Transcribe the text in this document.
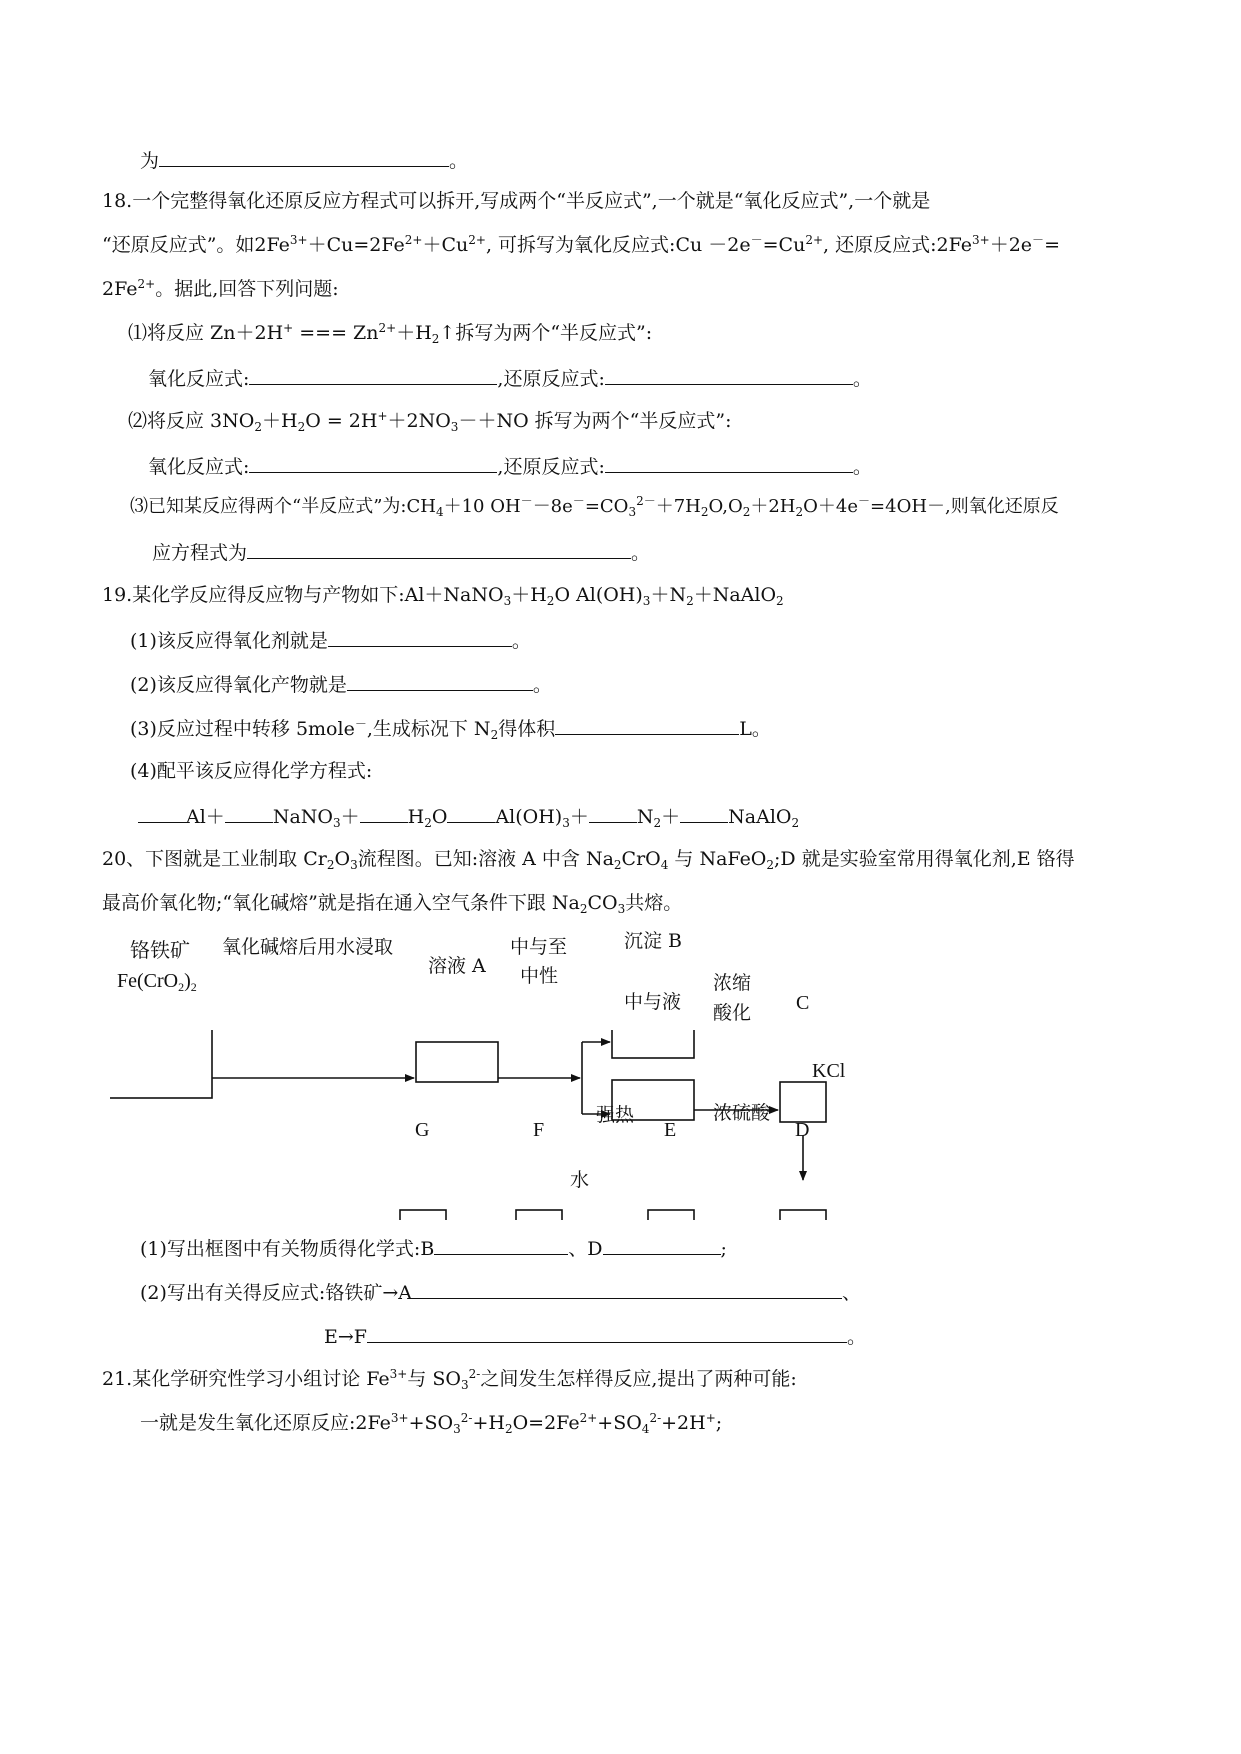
为	。
18.一个完整得氧化还原反应方程式可以拆开,写成两个“半反应式”,一个就是“氧化反应式”,一个就是
“还原反应式”。如$2Fe^{3+}+Cu=2Fe^{2+}+Cu^{2+}$, 可拆写为氧化反应式:Cu $-2e^-=Cu^{2+}$, 还原反应式$:2Fe^{3+}+2e^-=$
$2Fe^{2+}$。据此,回答下列问题:
⑴将反应 Zn＋2H+ === $Zn^{2+}+H_2↑$拆写为两个“半反应式”:
氧化反应式:	,还原反应式:	。
⑵将反应 $3NO_2+H_2O = 2H^++2NO_3-+NO$ 拆写为两个“半反应式”:
氧化反应式:	,还原反应式:	。
⑶已知某反应得两个“半反应式”为$:CH_4+10$ $OH^--8e^-=CO_3^{2-}+7H_2O,O_2+2H_2O+4e^-=4OH-$,则氧化还原反
应方程式为	。
19.某化学反应得反应物与产物如下$:Al+NaNO_3+H_2O$ $Al(OH)_3+N_2+NaAlO_2$
(1)该反应得氧化剂就是	。
(2)该反应得氧化产物就是	。
(3)反应过程中转移 5mole－,生成标况下 $N_2$得体积	L。
(4)配平该反应得化学方程式:
Al＋	NaNO$_3$＋	$H_2O$	$Al(OH)_3+$	$N_2+$	NaAlO$_2$
20、下图就是工业制取 $Cr_2O_3$流程图。已知:溶液 A 中含 $Na_2CrO_4$ 与 NaFeO$_2$;D 就是实验室常用得氧化剂,E 铬得
最高价氧化物;“氧化碱熔”就是指在通入空气条件下跟 $Na_2CO_3$共熔。
铬铁矿
$Fe(CrO_2)_2$
氧化碱熔后用水浸取
溶液 A
中与至
中性
沉淀 B
中与液
浓缩
酸化 C
KCl
D
浓硫酸
E
强热
F
G
水
(1)写出框图中有关物质得化学式:B	、D	;
(2)写出有关得反应式:铬铁矿→A	、
E→F	。
21.某化学研究性学习小组讨论 $Fe^{3+}$与 $SO_3^{2-}$之间发生怎样得反应,提出了两种可能:
一就是发生氧化还原反应$:2Fe^{3+}+SO_3^{2-}+H_2O=2Fe^{2+}+SO_4^{2-}+2H^+$;
